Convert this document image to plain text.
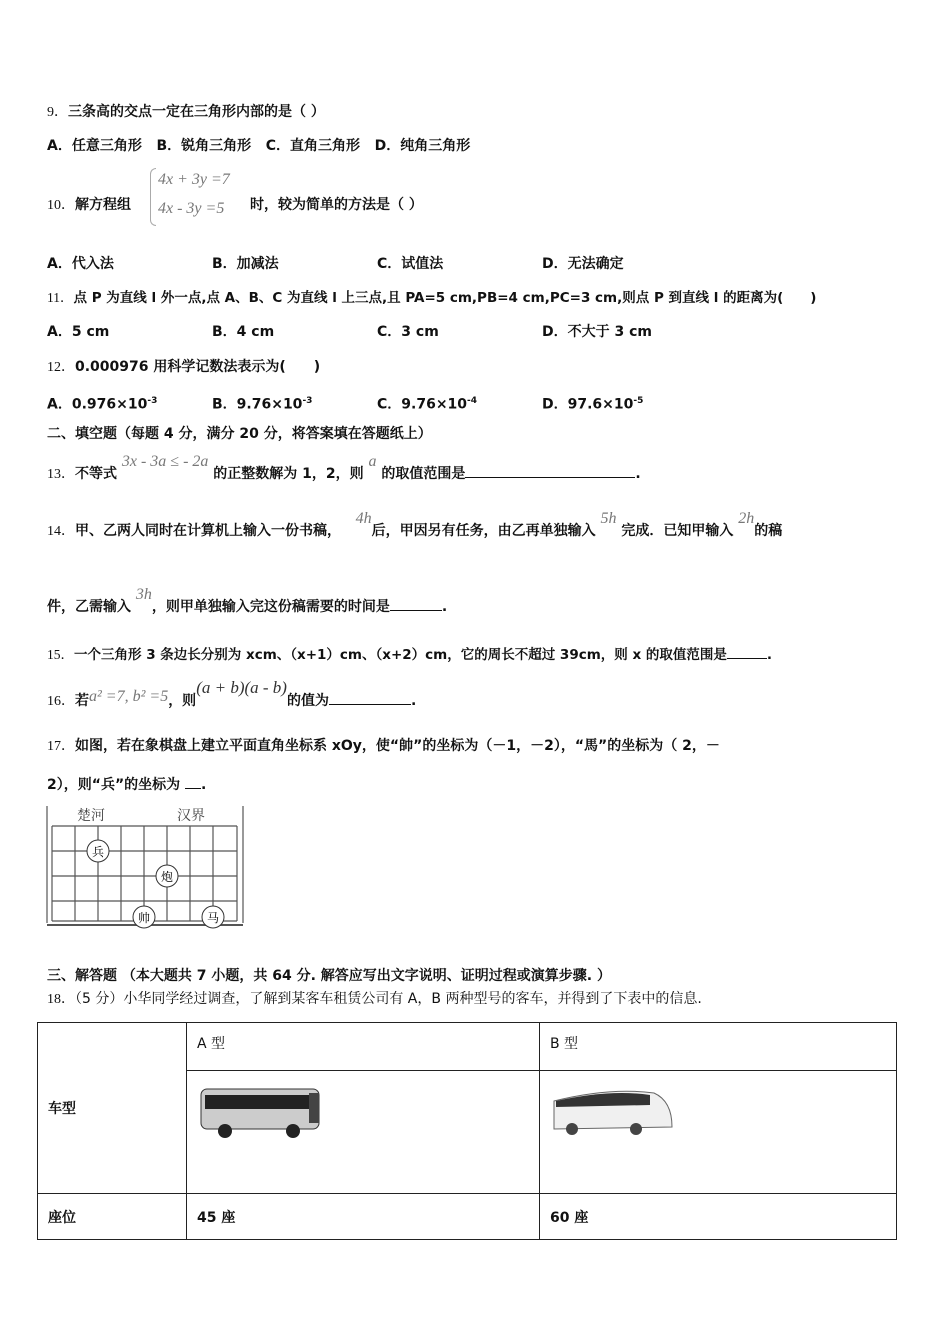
9．三条高的交点一定在三角形内部的是（ ）
A．任意三角形 B．锐角三角形 C．直角三角形 D．纯角三角形
10．解方程组
4x + 3y =7
4x - 3y =5 时，较为简单的方法是（ ）
A．代入法	B．加减法	C．试值法	D．无法确定
11．点 P 为直线 l 外一点,点 A、B、C 为直线 l 上三点,且 PA=5 cm,PB=4 cm,PC=3 cm,则点 P 到直线 l 的距离为(　　)
A．5 cm	B．4 cm	C．3 cm	D．不大于 3 cm
12．0.000976 用科学记数法表示为(　　)
A．$0.976\times 10^{-3}$	B．$9.76\times 10^{-3}$	C．$9.76\times 10^{-4}$	D．$97.6\times 10^{-5}$
二、填空题（每题 4 分，满分 20 分，将答案填在答题纸上）
13．不等式 3x - 3a ≤ - 2a 的正整数解为 1，2，则 a 的取值范围是	.
14．甲、乙两人同时在计算机上输入一份书稿，   4h后，甲因另有任务，由乙再单独输入 5h 完成．已知甲输入 2h的稿
件，乙需输入 3h，则甲单独输入完这份稿需要的时间是	.
15．一个三角形 3 条边长分别为 xcm、（x+1）cm、（x+2）cm，它的周长不超过 39cm，则 x 的取值范围是	.
16．若a² =7, b² =5，则(a + b)(a - b)的值为	.
17．如图，若在象棋盘上建立平面直角坐标系 xOy，使“帥”的坐标为（－1，－2），“馬”的坐标为（ 2，－
2），则“兵”的坐标为 .
楚河	汉界
兵
炮
帅	马
三、解答题 （本大题共 7 小题，共 64 分. 解答应写出文字说明、证明过程或演算步骤. ）
18．（5 分）小华同学经过调查，了解到某客车租赁公司有 A，B 两种型号的客车，并得到了下表中的信息.
车型	A 型	B 型

座位	45 座	60 座
